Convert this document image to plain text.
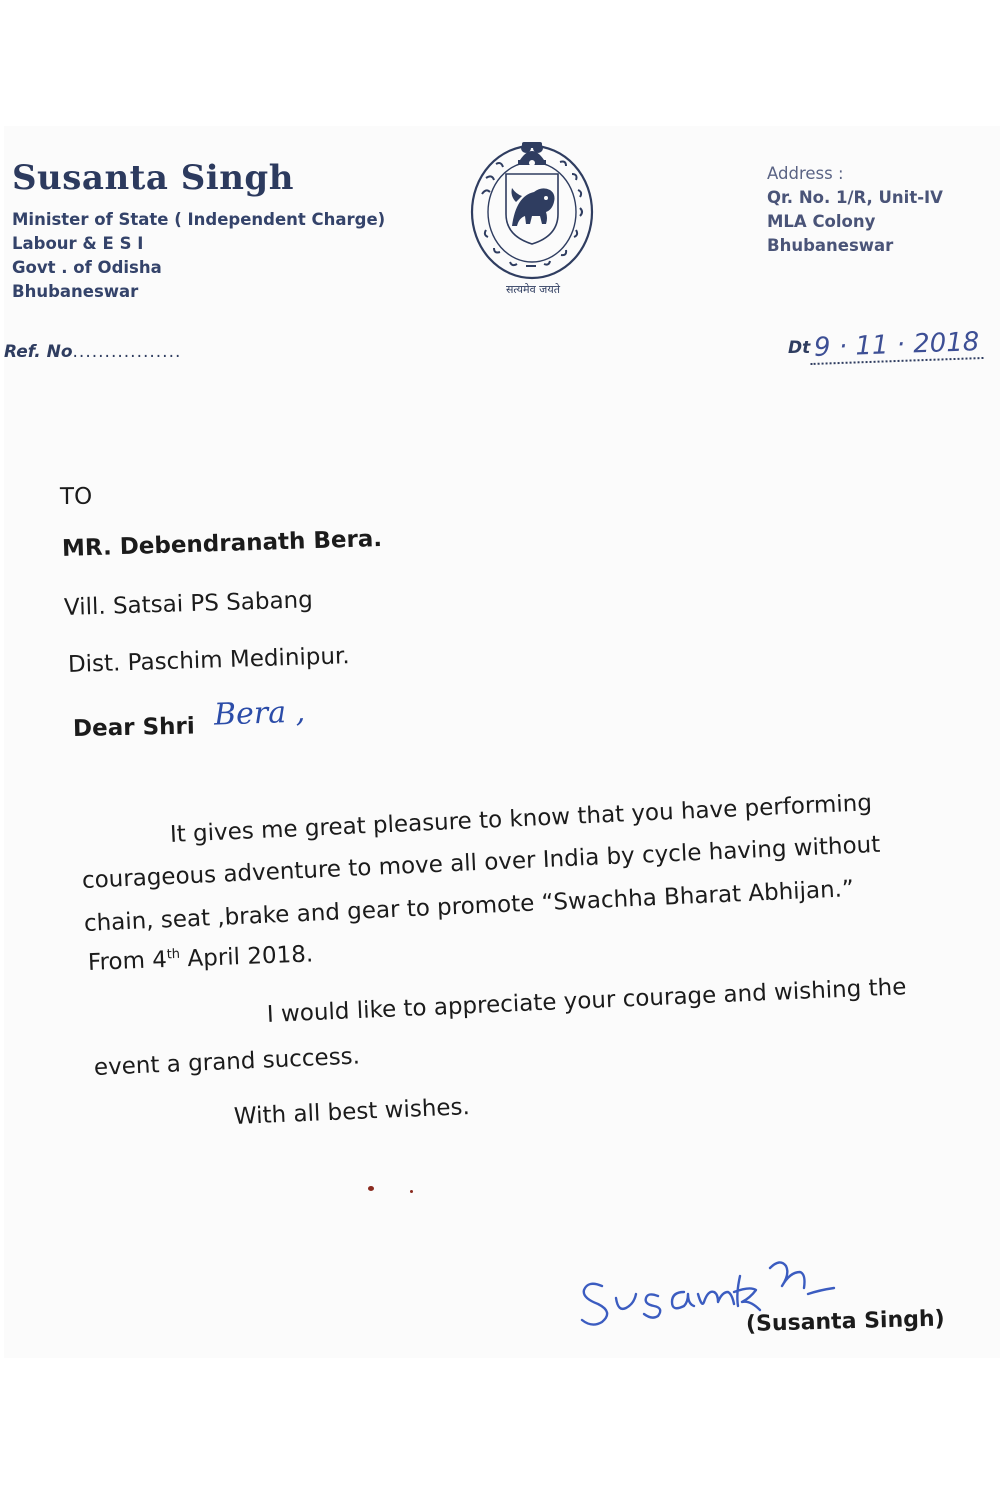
Susanta Singh
Minister of State ( Independent Charge)
Labour & E S I
Govt . of Odisha
Bhubaneswar	सत्यमेव जयते
Address :
Qr. No. 1/R, Unit-IV
MLA Colony
Bhubaneswar
Ref. No.................	Dt 9 · 11 · 2018
TO
MR. Debendranath Bera.
Vill. Satsai PS Sabang
Dist. Paschim Medinipur.
Dear Shri Bera ,
It gives me great pleasure to know that you have performing
courageous adventure to move all over India by cycle having without
chain, seat ,brake and gear to promote “Swachha Bharat Abhijan.”
From 4th April 2018.
I would like to appreciate your courage and wishing the
event a grand success.
With all best wishes.
(Susanta Singh)
